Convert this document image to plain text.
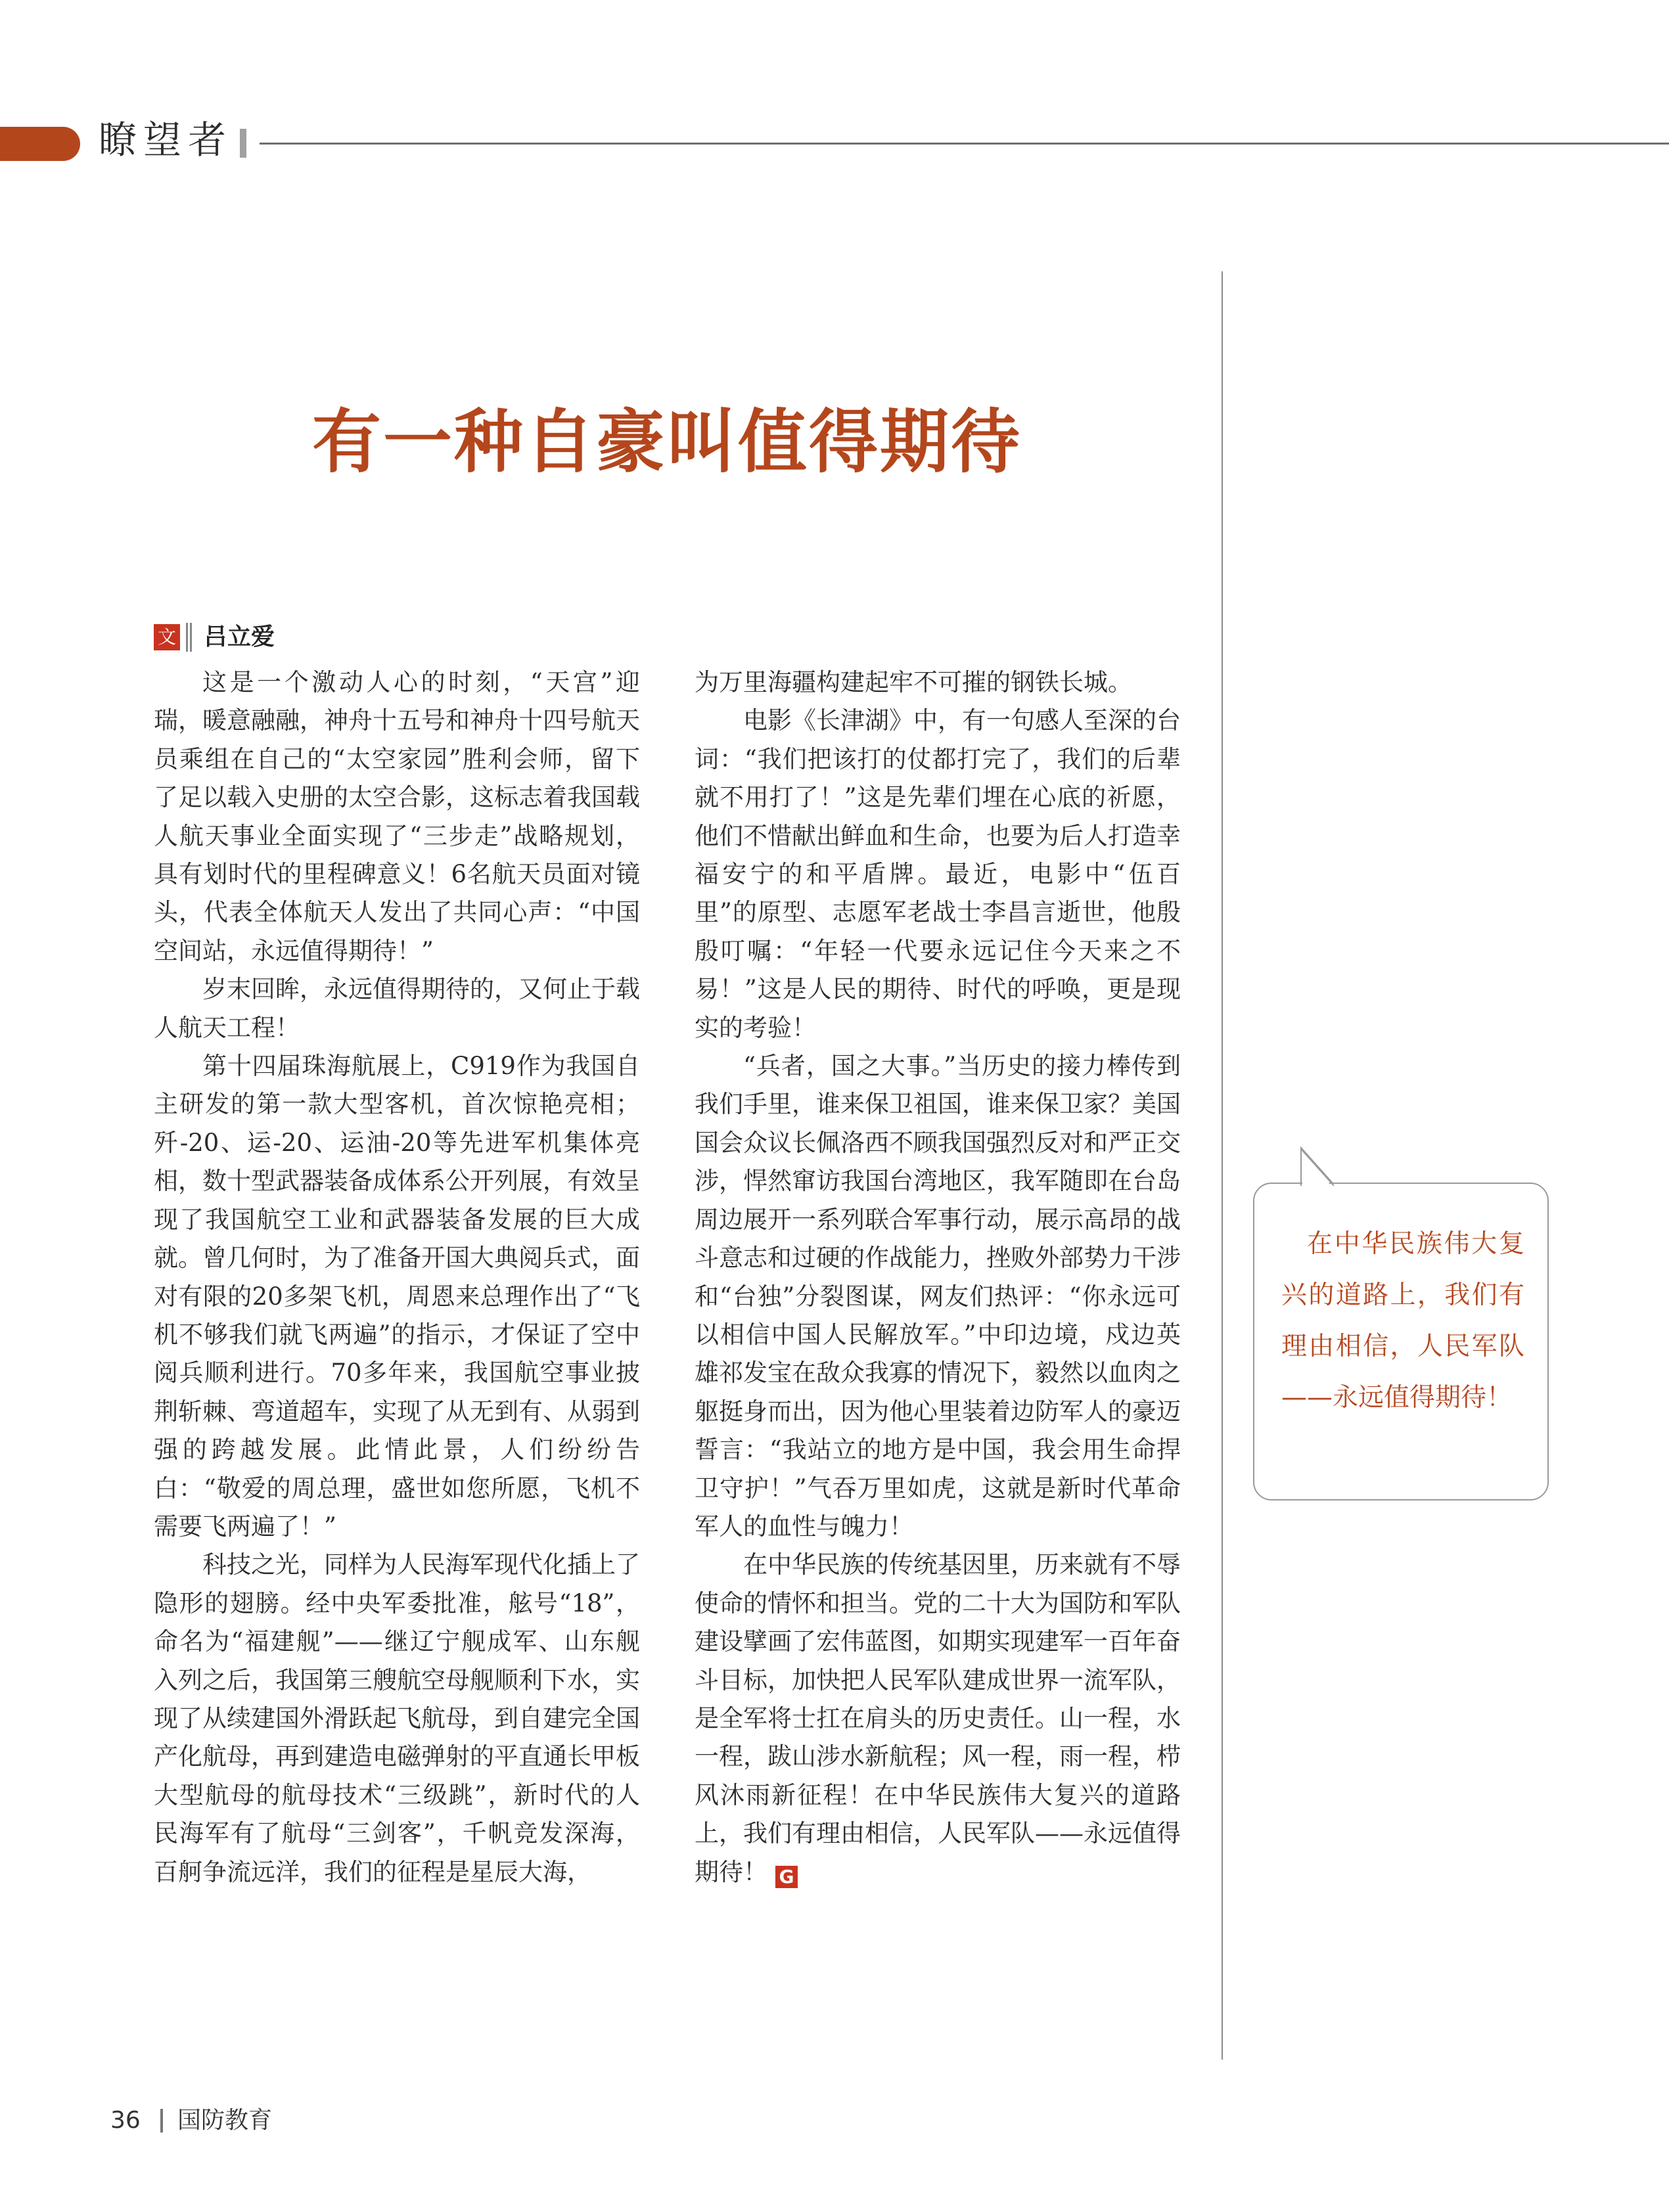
瞭望者
有一种自豪叫值得期待
文 吕立爱

这是一个激动人心的时刻，“天宫”迎瑞，暖意融融，神舟十五号和神舟十四号航天员乘组在自己的“太空家园”胜利会师，留下了足以载入史册的太空合影，这标志着我国载人航天事业全面实现了“三步走”战略规划，具有划时代的里程碑意义！6名航天员面对镜头，代表全体航天人发出了共同心声：“中国空间站，永远值得期待！”

岁末回眸，永远值得期待的，又何止于载人航天工程！

第十四届珠海航展上，C919作为我国自主研发的第一款大型客机，首次惊艳亮相；歼-20、运-20、运油-20等先进军机集体亮相，数十型武器装备成体系公开列展，有效呈现了我国航空工业和武器装备发展的巨大成就。曾几何时，为了准备开国大典阅兵式，面对有限的20多架飞机，周恩来总理作出了“飞机不够我们就飞两遍”的指示，才保证了空中阅兵顺利进行。70多年来，我国航空事业披荆斩棘、弯道超车，实现了从无到有、从弱到强的跨越发展。此情此景，人们纷纷告白：“敬爱的周总理，盛世如您所愿，飞机不需要飞两遍了！”

科技之光，同样为人民海军现代化插上了隐形的翅膀。经中央军委批准，舷号“18”，命名为“福建舰”——继辽宁舰成军、山东舰入列之后，我国第三艘航空母舰顺利下水，实现了从续建国外滑跃起飞航母，到自建完全国产化航母，再到建造电磁弹射的平直通长甲板大型航母的航母技术“三级跳”，新时代的人民海军有了航母“三剑客”，千帆竞发深海，百舸争流远洋，我们的征程是星辰大海，

为万里海疆构建起牢不可摧的钢铁长城。

电影《长津湖》中，有一句感人至深的台词：“我们把该打的仗都打完了，我们的后辈就不用打了！”这是先辈们埋在心底的祈愿，他们不惜献出鲜血和生命，也要为后人打造幸福安宁的和平盾牌。最近，电影中“伍百里”的原型、志愿军老战士李昌言逝世，他殷殷叮嘱：“年轻一代要永远记住今天来之不易！”这是人民的期待、时代的呼唤，更是现实的考验！

“兵者，国之大事。”当历史的接力棒传到我们手里，谁来保卫祖国，谁来保卫家？美国国会众议长佩洛西不顾我国强烈反对和严正交涉，悍然窜访我国台湾地区，我军随即在台岛周边展开一系列联合军事行动，展示高昂的战斗意志和过硬的作战能力，挫败外部势力干涉和“台独”分裂图谋，网友们热评：“你永远可以相信中国人民解放军。”中印边境，戍边英雄祁发宝在敌众我寡的情况下，毅然以血肉之躯挺身而出，因为他心里装着边防军人的豪迈誓言：“我站立的地方是中国，我会用生命捍卫守护！”气吞万里如虎，这就是新时代革命军人的血性与魄力！

在中华民族的传统基因里，历来就有不辱使命的情怀和担当。党的二十大为国防和军队建设擘画了宏伟蓝图，如期实现建军一百年奋斗目标，加快把人民军队建成世界一流军队，是全军将士扛在肩头的历史责任。山一程，水一程，跋山涉水新航程；风一程，雨一程，栉风沐雨新征程！在中华民族伟大复兴的道路上，我们有理由相信，人民军队——永远值得期待！ G

在中华民族伟大复兴的道路上，我们有理由相信，人民军队——永远值得期待！
36 国防教育
